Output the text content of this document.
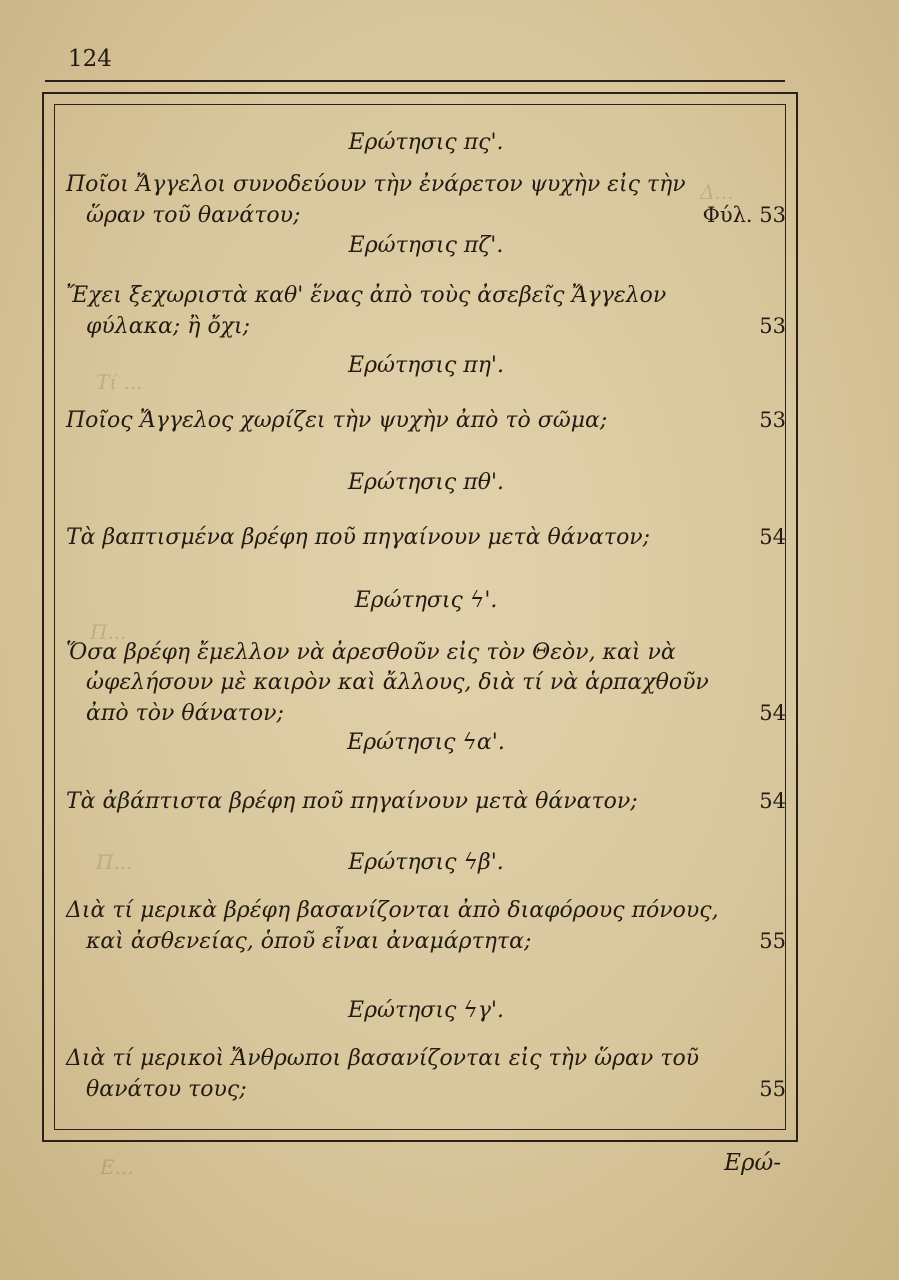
Δ...
Τί ...
Π...
Π...
Ε...
124
Ερώτησις πς'.
Ποῖοι Ἄγγελοι συνοδεύουν τὴν ἐνάρετον ψυχὴν εἰς τὴν
ὥραν τοῦ θανάτου;	Φύλ. 53
Ερώτησις πζ'.
Ἔχει ξεχωριστὰ καθ' ἕνας ἀπὸ τοὺς ἀσεβεῖς Ἄγγελον
φύλακα; ἢ ὄχι;	53
Ερώτησις πη'.
Ποῖος Ἄγγελος χωρίζει τὴν ψυχὴν ἀπὸ τὸ σῶμα;	53
Ερώτησις πθ'.
Τὰ βαπτισμένα βρέφη ποῦ πηγαίνουν μετὰ θάνατον;	54
Ερώτησις ϟ'.
Ὅσα βρέφη ἔμελλον νὰ ἀρεσθοῦν εἰς τὸν Θεὸν, καὶ νὰ
ὠφελήσουν μὲ καιρὸν καὶ ἄλλους, διὰ τί νὰ ἁρπαχθοῦν
ἀπὸ τὸν θάνατον;	54
Ερώτησις ϟα'.
Τὰ ἀβάπτιστα βρέφη ποῦ πηγαίνουν μετὰ θάνατον;	54
Ερώτησις ϟβ'.
Διὰ τί μερικὰ βρέφη βασανίζονται ἀπὸ διαφόρους πόνους,
καὶ ἀσθενείας, ὁποῦ εἶναι ἀναμάρτητα;	55
Ερώτησις ϟγ'.
Διὰ τί μερικοὶ Ἄνθρωποι βασανίζονται εἰς τὴν ὥραν τοῦ
θανάτου τους;	55
Ερώ-
